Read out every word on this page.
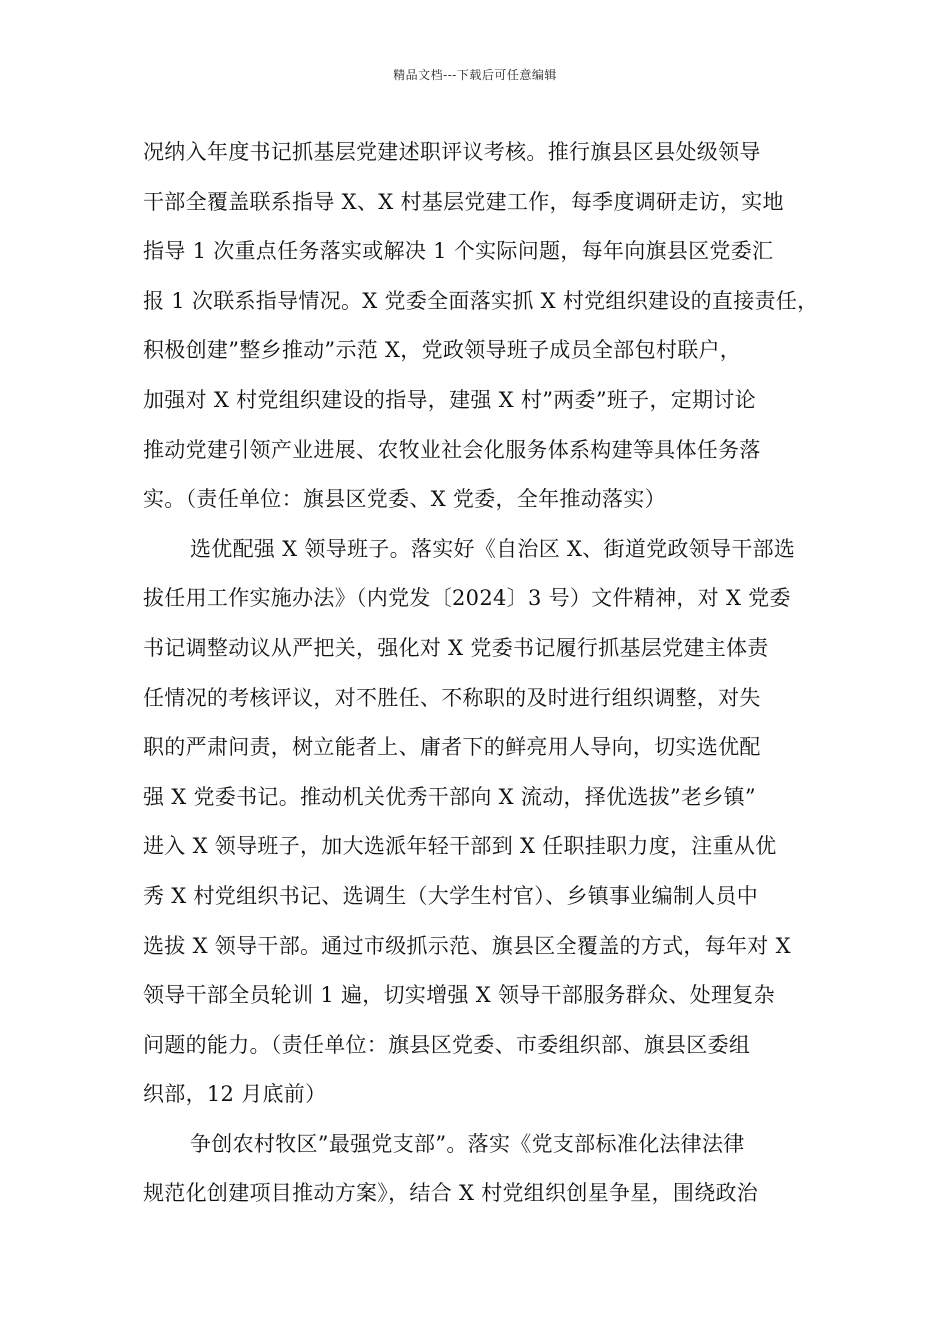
精品文档---下载后可任意编辑
况纳入年度书记抓基层党建述职评议考核。推行旗县区县处级领导
干部全覆盖联系指导 X、X 村基层党建工作，每季度调研走访，实地
指导 1 次重点任务落实或解决 1 个实际问题，每年向旗县区党委汇
报 1 次联系指导情况。X 党委全面落实抓 X 村党组织建设的直接责任，
积极创建”整乡推动”示范 X，党政领导班子成员全部包村联户，
加强对 X 村党组织建设的指导，建强 X 村”两委”班子，定期讨论
推动党建引领产业进展、农牧业社会化服务体系构建等具体任务落
实。（责任单位：旗县区党委、X 党委，全年推动落实）
选优配强 X 领导班子。落实好《自治区 X、街道党政领导干部选
拔任用工作实施办法》（内党发〔2024〕3 号）文件精神，对 X 党委
书记调整动议从严把关，强化对 X 党委书记履行抓基层党建主体责
任情况的考核评议，对不胜任、不称职的及时进行组织调整，对失
职的严肃问责，树立能者上、庸者下的鲜亮用人导向，切实选优配
强 X 党委书记。推动机关优秀干部向 X 流动，择优选拔”老乡镇”
进入 X 领导班子，加大选派年轻干部到 X 任职挂职力度，注重从优
秀 X 村党组织书记、选调生（大学生村官）、乡镇事业编制人员中
选拔 X 领导干部。通过市级抓示范、旗县区全覆盖的方式，每年对 X
领导干部全员轮训 1 遍，切实增强 X 领导干部服务群众、处理复杂
问题的能力。（责任单位：旗县区党委、市委组织部、旗县区委组
织部，12 月底前）
争创农村牧区”最强党支部”。落实《党支部标准化法律法律
规范化创建项目推动方案》，结合 X 村党组织创星争星，围绕政治
